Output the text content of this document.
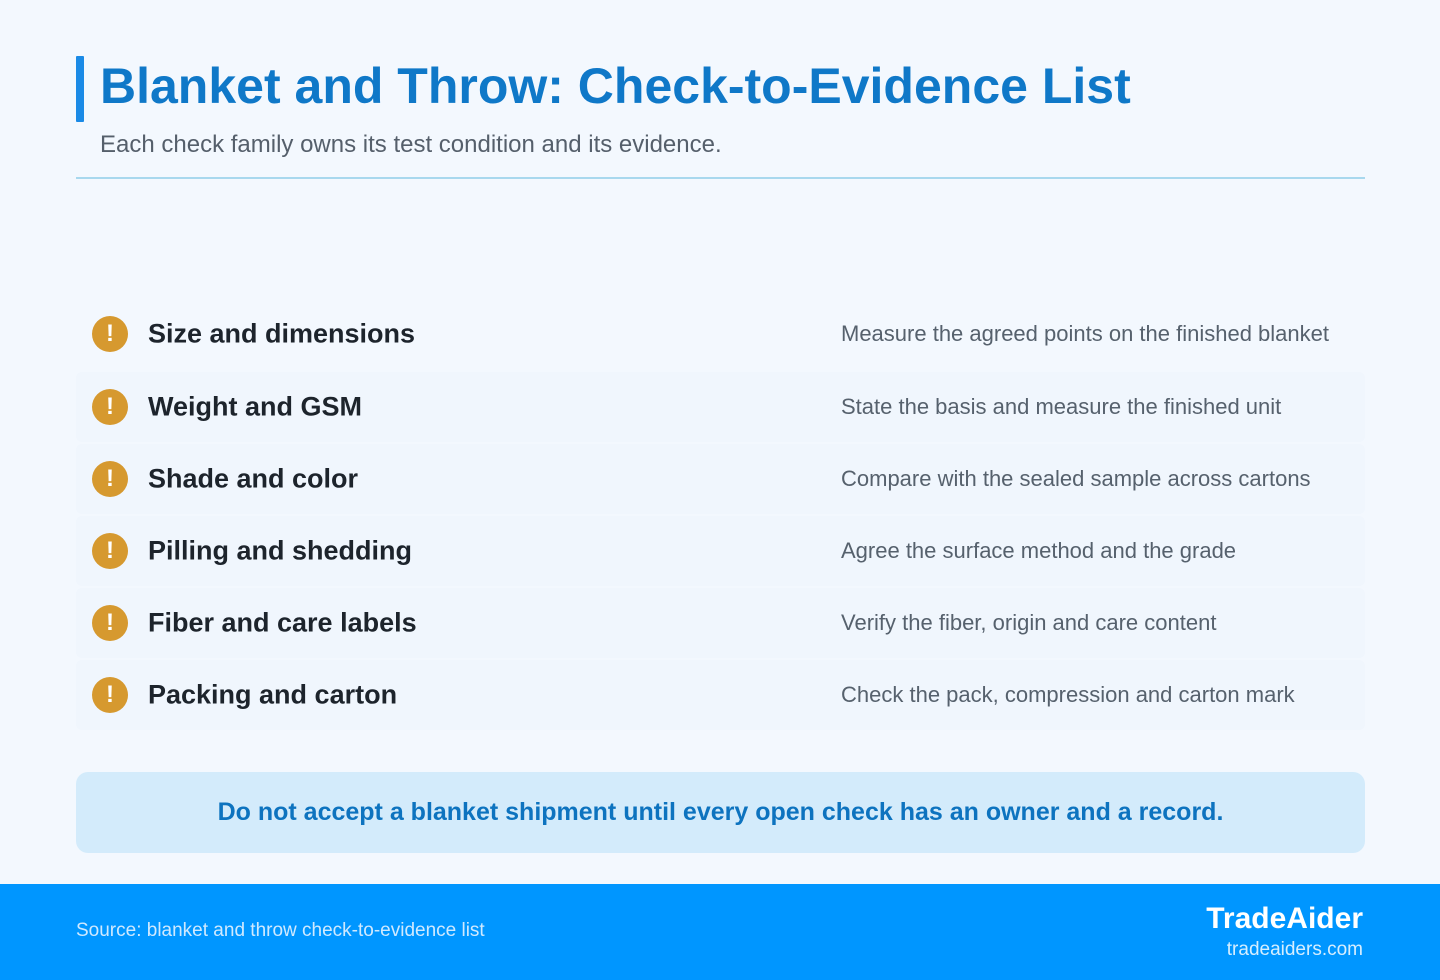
Blanket and Throw: Check-to-Evidence List

Each check family owns its test condition and its evidence.

!	Size and dimensions	Measure the agreed points on the finished blanket
!	Weight and GSM	State the basis and measure the finished unit
!	Shade and color	Compare with the sealed sample across cartons
!	Pilling and shedding	Agree the surface method and the grade
!	Fiber and care labels	Verify the fiber, origin and care content
!	Packing and carton	Check the pack, compression and carton mark
Do not accept a blanket shipment until every open check has an owner and a record.
Source: blanket and throw check-to-evidence list	TradeAider
tradeaiders.com
